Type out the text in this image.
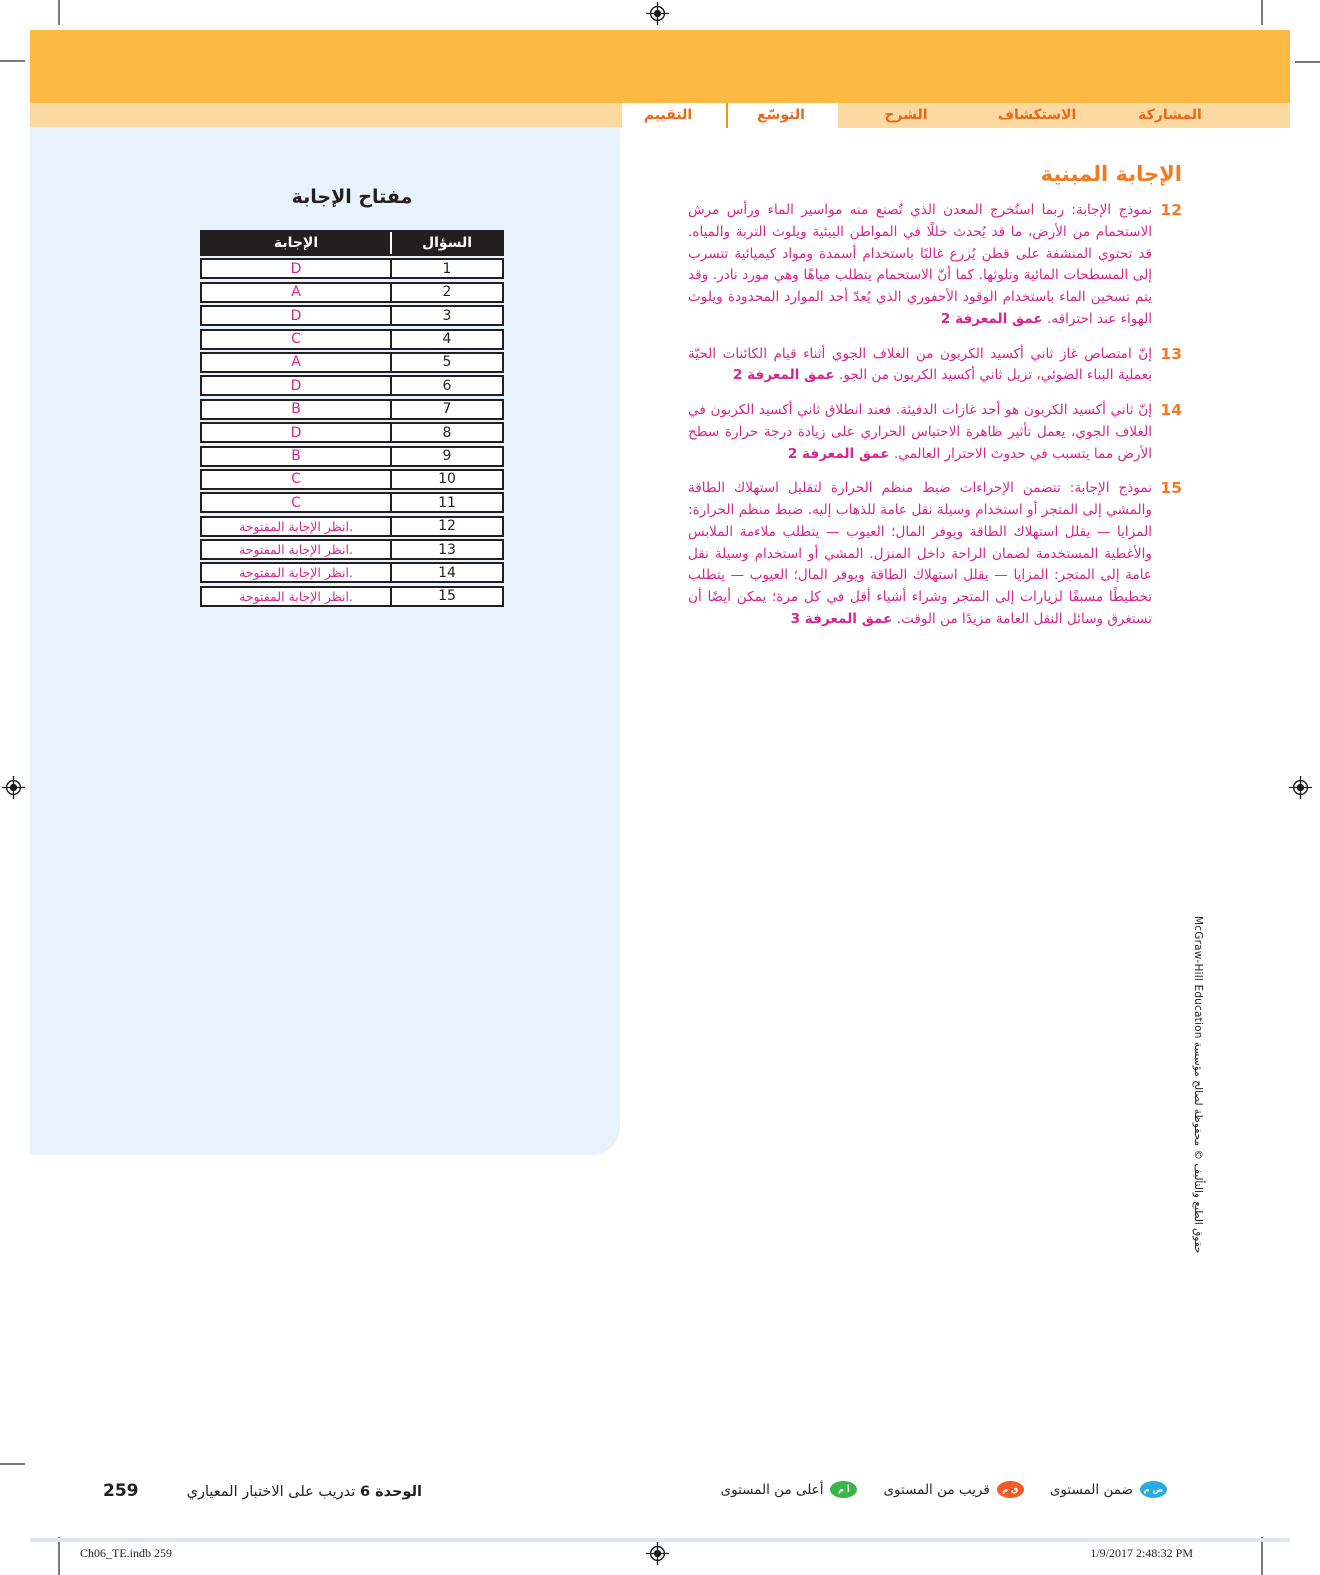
المشاركة
الاستكشاف
الشرح
التوسّع
التقييم
مفتاح الإجابة
الإجابة	السؤال
D	1
A	2
D	3
C	4
A	5
D	6
B	7
D	8
B	9
C	10
C	11
انظر الإجابة المفتوحة.	12
انظر الإجابة المفتوحة.	13
انظر الإجابة المفتوحة.	14
انظر الإجابة المفتوحة.	15
الإجابة المبنية
12
نموذج الإجابة: ربما استُخرج المعدن الذي تُصنع منه مواسير الماء ورأس مرش الاستحمام من الأرض، ما قد يُحدث خللًا في المواطن البيئية ويلوث التربة والمياه. قد تحتوي المنشفة على قطن يُزرع غالبًا باستخدام أسمدة ومواد كيميائية تتسرب إلى المسطحات المائية وتلوثها. كما أنّ الاستحمام يتطلب مياهًا وهي مورد نادر. وقد يتم تسخين الماء باستخدام الوقود الأحفوري الذي يُعدّ أحد الموارد المحدودة ويلوث الهواء عند احتراقه. عمق المعرفة 2
13
إنّ امتصاص غاز ثاني أكسيد الكربون من الغلاف الجوي أثناء قيام الكائنات الحيّة بعملية البناء الضوئي، تزيل ثاني أكسيد الكربون من الجو. عمق المعرفة 2
14
إنّ ثاني أكسيد الكربون هو أحد غازات الدفيئة. فعند انطلاق ثاني أكسيد الكربون في الغلاف الجوي، يعمل تأثير ظاهرة الاحتباس الحراري على زيادة درجة حرارة سطح الأرض مما يتسبب في حدوث الاحترار العالمي. عمق المعرفة 2
15
نموذج الإجابة: تتضمن الإجراءات ضبط منظم الحرارة لتقليل استهلاك الطاقة والمشي إلى المتجر أو استخدام وسيلة نقل عامة للذهاب إليه. ضبط منظم الحرارة: المزايا — يقلل استهلاك الطاقة ويوفر المال؛ العيوب — يتطلب ملاءمة الملابس والأغطية المستخدمة لضمان الراحة داخل المنزل. المشي أو استخدام وسيلة نقل عامة إلى المتجر: المزايا — يقلل استهلاك الطاقة ويوفر المال؛ العيوب — يتطلب تخطيطًا مسبقًا لزيارات إلى المتجر وشراء أشياء أقل في كل مرة؛ يمكن أيضًا أن تستغرق وسائل النقل العامة مزيدًا من الوقت. عمق المعرفة 3
حقوق الطبع والتأليف © محفوظة لصالح مؤسسة McGraw-Hill Education
259	الوحدة 6 تدريب على الاختبار المعياري	ض م
ضمن المستوى
ق م
قريب من المستوى
أ م
أعلى من المستوى
Ch06_TE.indb 259	1/9/2017 2:48:32 PM
